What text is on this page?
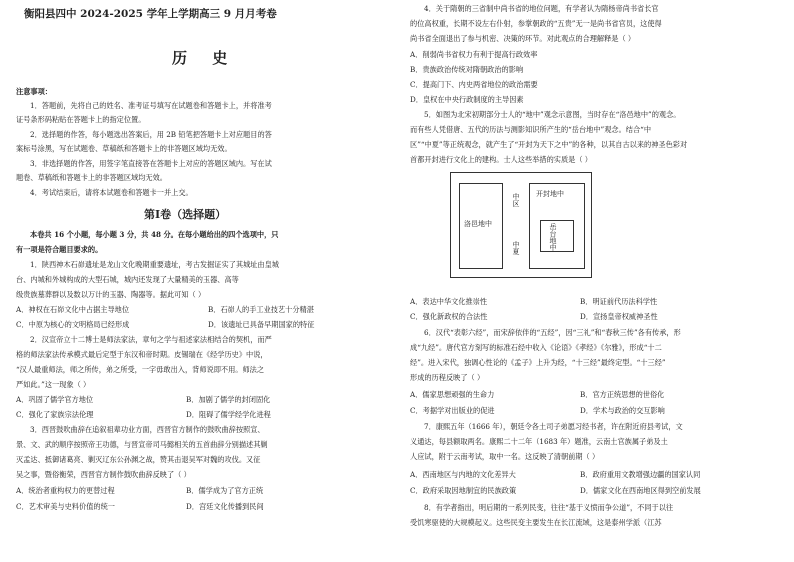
衡阳县四中 2024-2025 学年上学期高三 9 月月考卷
历 史
注意事项：
1．答题前，先将自己的姓名、准考证号填写在试题卷和答题卡上，并将准考
证号条形码粘贴在答题卡上的指定位置。
2．选择题的作答，每小题选出答案后，用 2B 铅笔把答题卡上对应题目的答
案标号涂黑，写在试题卷、草稿纸和答题卡上的非答题区域均无效。
3．非选择题的作答，用签字笔直接答在答题卡上对应的答题区域内。写在试
题卷、草稿纸和答题卡上的非答题区域均无效。
4．考试结束后，请将本试题卷和答题卡一并上交。
第Ⅰ卷（选择题）
本卷共 16 个小题，每小题 3 分，共 48 分。在每小题给出的四个选项中，只
有一项是符合题目要求的。
1．陕西神木石峁遗址是龙山文化晚期重要遗址，考古发掘证实了其城址由皇城
台、内城和外城构成的大型石城，城内还发现了大量精美的玉器、高等
级贵族墓葬群以及数以万计的玉器、陶器等。据此可知（ ）
A．神权在石峁文化中占据主导地位	B．石峁人的手工业技艺十分精湛
C．中原为核心的文明格局已经形成	D．该遗址已具备早期国家的特征
2．汉宣帝立十二博士是师法家法，章句之学与祖述家法相结合的契机，而严
格的师法家法传承模式最后定型于东汉和帝时期。皮锡瑞在《经学历史》中说，
“汉人最重师法，师之所传，弟之所受，一字毋敢出入，背师说即不用。师法之
严如此。”这一现象（ ）
A．巩固了儒学官方地位	B．加剧了儒学的封闭固化
C．强化了家族宗法伦理	D．阻碍了儒学经学化进程
3．西晋鼓吹曲辞在追叙祖辈功业方面，西晋官方制作的鼓吹曲辞按照宣、
景、文、武的顺序按照帝王功德，与晋宣帝司马懿相关的五首曲辞分别描述其剿
灭孟达、抵御诸葛亮、剿灭辽东公孙渊之战，赞其击退吴军对魏的攻伐。又征
吴之事，暨俗衡荣，西晋官方制作鼓吹曲辞反映了（ ）
A．统治者重构权力的更替过程	B．儒学成为了官方正统
C．艺术审美与史料价值的统一	D．宫廷文化传播到民间
4．关于隋朝的三省制中尚书省的地位问题，有学者认为隋杨帝尚书省长官
的位高权重，长期不设左右仆射，参掌朝政的“五贵”无一是尚书省官员，这使得
尚书省全面退出了参与机密、决策的环节。对此观点的合理解释是（ ）
A．削弱尚书省权力有利于提高行政效率
B．贵族政治传统对隋朝政治的影响
C．提高门下、内史两省地位的政治需要
D．皇权在中央行政制度的主导因素
5．如图为北宋初期部分士人的“地中”观念示意图，当时存在“洛邑地中”的观念。
而有些人凭借唐、五代的历法与测影知识所产生的“岳台地中”观念。结合“中
区”“中夏”等正统观念，就产生了“开封为天下之中”的各种，以其自古以来的神圣色彩对
首都开封进行文化上的建构。士人这些举措的实质是（ ）
洛邑地中
中区
中夏
开封地中
岳台地中
A．表达中华文化推崇性	B．明证前代历法科学性
C．强化新政权的合法性	D．宣扬皇帝权威神圣性
6．汉代“表彰六经”，而宋辞依伴的“五经”，因“三礼”和“春秋三传”各有传承，形
成“九经”。唐代官方刻写的标准石经中收入《论语》《孝经》《尔雅》，形成“十二
经”。进入宋代，独调心性论的《孟子》上升为经，“十三经”最终定型。“十三经”
形成的历程反映了（ ）
A．儒家思想顽强的生命力	B．官方正统思想的世俗化
C．考据学对出版业的促进	D．学术与政治的交互影响
7．康熙五年（1666 年），朝廷令各土司子弟愿习经书者，许在附近府县考试，文
义通达，每县额取两名。康熙二十二年（1683 年）题准，云南土官族属子弟及土
人应试，附于云南考试，取中一名。这反映了清朝前期（ ）
A．西南地区与内地的文化差异大	B．政府重用文教增强边疆的国家认同
C．政府采取因地制宜的民族政策	D．儒家文化在西南地区得到空前发展
8．有学者指出，明后期的一系列民变，往往“基于义愤而争公道”，不同于以往
受饥寒驱使的大规模起义。这些民变主要发生在长江流域，这是泰州学派（江苏
